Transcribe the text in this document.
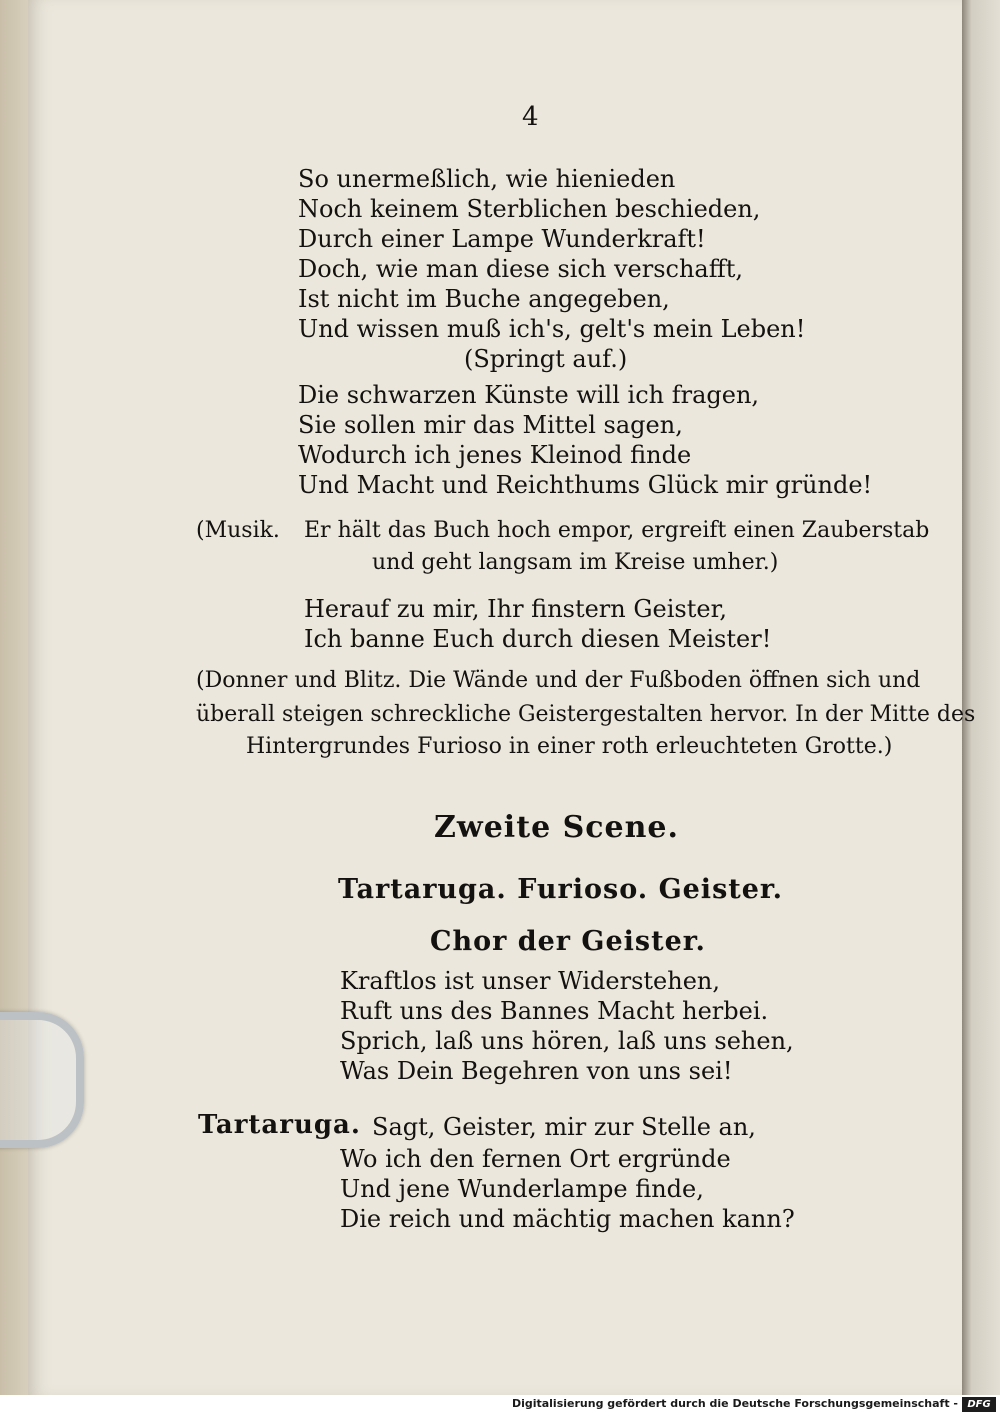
4
So unermeßlich, wie hienieden
Noch keinem Sterblichen beschieden,
Durch einer Lampe Wunderkraft!
Doch, wie man diese sich verschafft,
Ist nicht im Buche angegeben,
Und wissen muß ich's, gelt's mein Leben!
(Springt auf.)
Die schwarzen Künste will ich fragen,
Sie sollen mir das Mittel sagen,
Wodurch ich jenes Kleinod finde
Und Macht und Reichthums Glück mir gründe!
(Musik. Er hält das Buch hoch empor, ergreift einen Zauberstab
und geht langsam im Kreise umher.)
Herauf zu mir, Ihr finstern Geister,
Ich banne Euch durch diesen Meister!
(Donner und Blitz. Die Wände und der Fußboden öffnen sich und
überall steigen schreckliche Geistergestalten hervor. In der Mitte des
Hintergrundes Furioso in einer roth erleuchteten Grotte.)
Zweite Scene.
Tartaruga. Furioso. Geister.
Chor der Geister.
Kraftlos ist unser Widerstehen,
Ruft uns des Bannes Macht herbei.
Sprich, laß uns hören, laß uns sehen,
Was Dein Begehren von uns sei!
Tartaruga. Sagt, Geister, mir zur Stelle an,
Wo ich den fernen Ort ergründe
Und jene Wunderlampe finde,
Die reich und mächtig machen kann?
Digitalisierung gefördert durch die Deutsche Forschungsgemeinschaft - DFG
